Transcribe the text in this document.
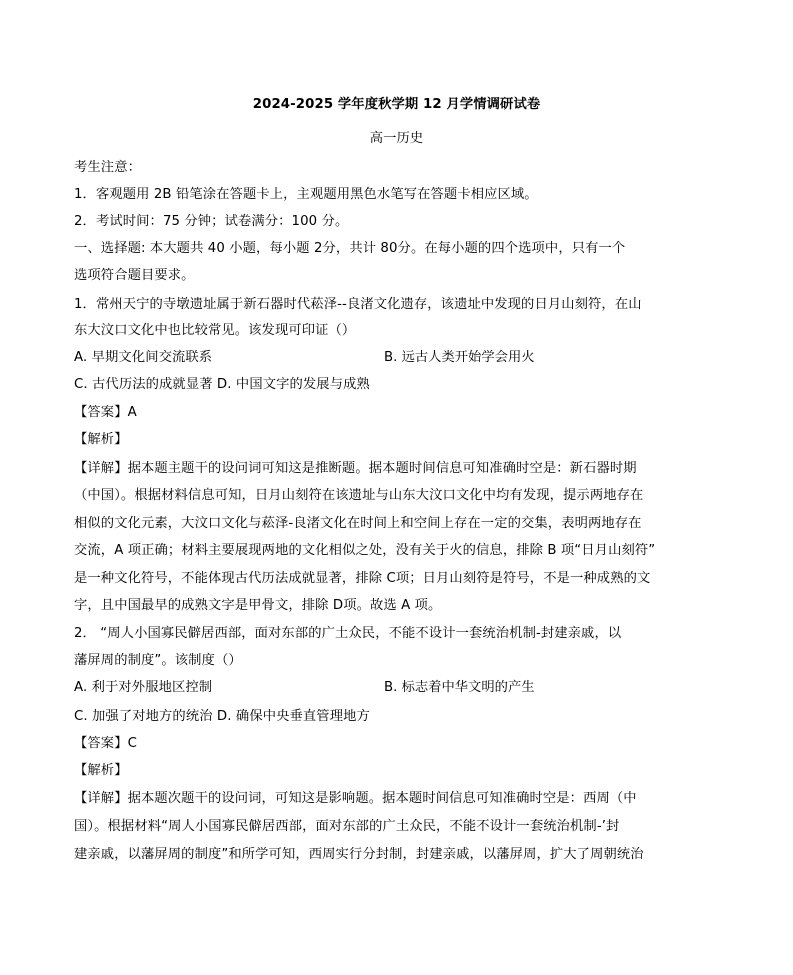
2024-2025 学年度秋学期 12 月学情调研试卷
高一历史
考生注意：
1．客观题用 2B 铅笔涂在答题卡上，主观题用黑色水笔写在答题卡相应区域。
2．考试时间：75 分钟；试卷满分：100 分。
一、选择题: 本大题共 40 小题，每小题 2分，共计 80分。在每小题的四个选项中，只有一个
选项符合题目要求。
1．常州天宁的寺墩遗址属于新石器时代菘泽--良渚文化遗存，该遗址中发现的日月山刻符，在山
东大汶口文化中也比较常见。该发现可印证（）
A. 早期文化间交流联系	B. 远古人类开始学会用火
C. 古代历法的成就显著 D. 中国文字的发展与成熟
【答案】A
【解析】
【详解】据本题主题干的设问词可知这是推断题。据本题时间信息可知准确时空是：新石器时期
（中国）。根据材料信息可知，日月山刻符在该遗址与山东大汶口文化中均有发现，提示两地存在
相似的文化元素，大汶口文化与菘泽-良渚文化在时间上和空间上存在一定的交集，表明两地存在
交流，A 项正确；材料主要展现两地的文化相似之处，没有关于火的信息，排除 B 项“日月山刻符”
是一种文化符号，不能体现古代历法成就显著，排除 C项；日月山刻符是符号，不是一种成熟的文
字，且中国最早的成熟文字是甲骨文，排除 D项。故选 A 项。
2． “周人小国寡民僻居西部，面对东部的广土众民，不能不设计一套统治机制-封建亲戚，以
藩屏周的制度”。该制度（）
A. 利于对外服地区控制	B. 标志着中华文明的产生
C. 加强了对地方的统治 D. 确保中央垂直管理地方
【答案】C
【解析】
【详解】据本题次题干的设问词，可知这是影响题。据本题时间信息可知准确时空是：西周（中
国）。根据材料“周人小国寡民僻居西部，面对东部的广土众民，不能不设计一套统治机制-’封
建亲戚，以藩屏周的制度”和所学可知，西周实行分封制，封建亲戚，以藩屏周，扩大了周朝统治
